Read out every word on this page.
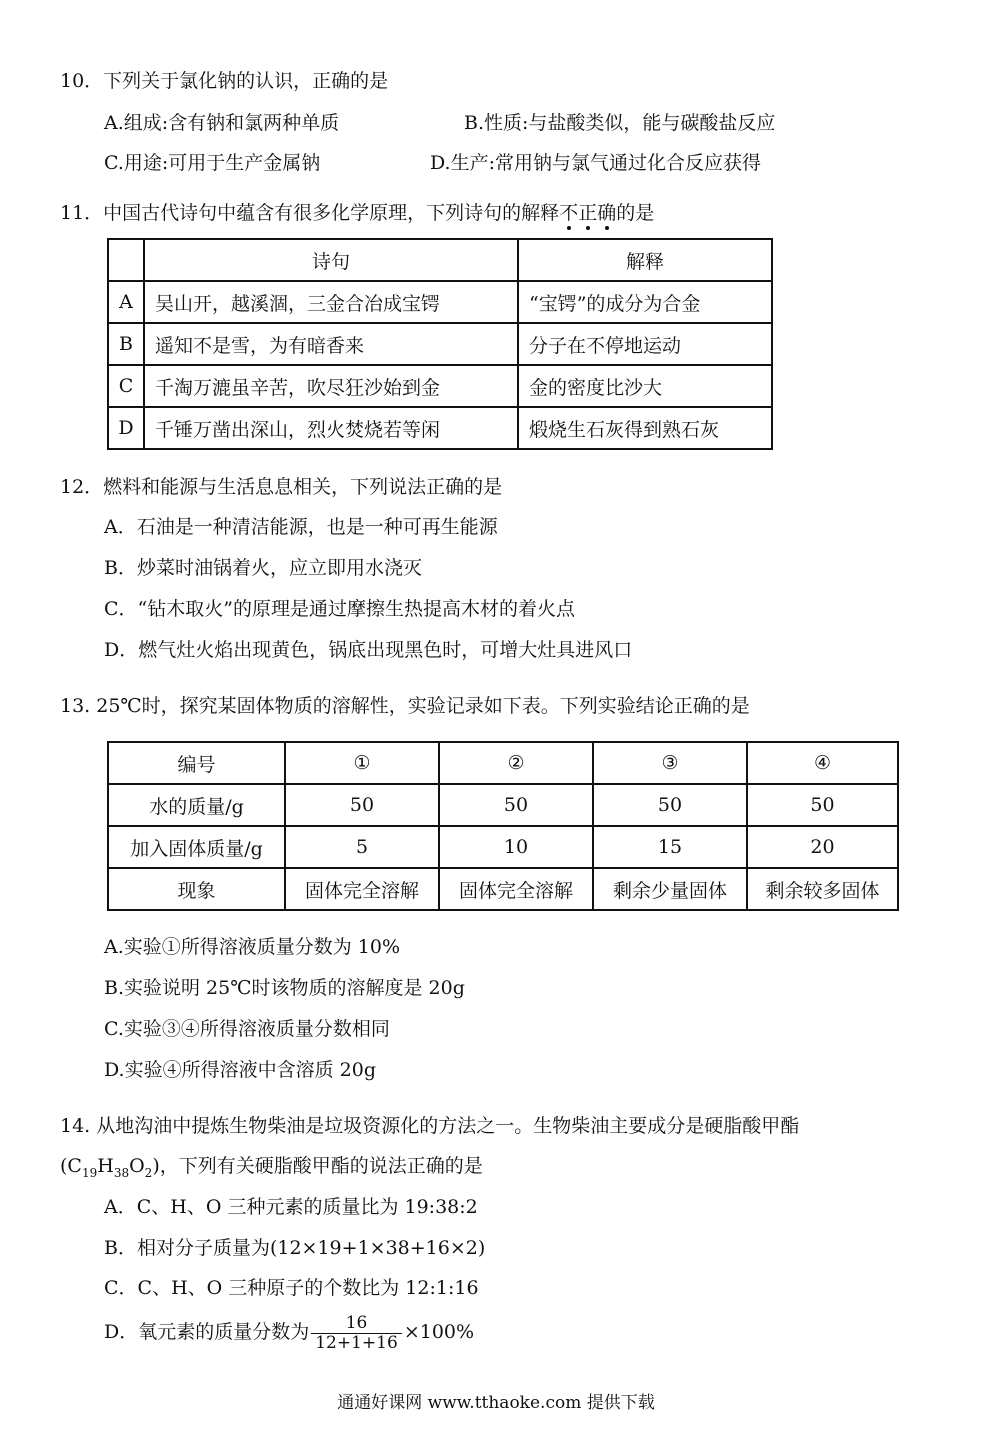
10．下列关于氯化钠的认识，正确的是
A.组成:含有钠和氯两种单质	B.性质:与盐酸类似，能与碳酸盐反应
C.用途:可用于生产金属钠	D.生产:常用钠与氯气通过化合反应获得
11．中国古代诗句中蕴含有很多化学原理，下列诗句的解释不正确的是
	诗句	解释
A	吴山开，越溪涸，三金合冶成宝锷	“宝锷”的成分为合金
B	遥知不是雪，为有暗香来	分子在不停地运动
C	千淘万漉虽辛苦，吹尽狂沙始到金	金的密度比沙大
D	千锤万凿出深山，烈火焚烧若等闲	煅烧生石灰得到熟石灰
12．燃料和能源与生活息息相关，下列说法正确的是
A．石油是一种清洁能源，也是一种可再生能源
B．炒菜时油锅着火，应立即用水浇灭
C．“钻木取火”的原理是通过摩擦生热提高木材的着火点
D．燃气灶火焰出现黄色，锅底出现黑色时，可增大灶具进风口
13. 25℃时，探究某固体物质的溶解性，实验记录如下表。下列实验结论正确的是
编号	①	②	③	④
水的质量/g	50	50	50	50
加入固体质量/g	5	10	15	20
现象	固体完全溶解	固体完全溶解	剩余少量固体	剩余较多固体
A.实验①所得溶液质量分数为 10%
B.实验说明 25℃时该物质的溶解度是 20g
C.实验③④所得溶液质量分数相同
D.实验④所得溶液中含溶质 20g
14. 从地沟油中提炼生物柴油是垃圾资源化的方法之一。生物柴油主要成分是硬脂酸甲酯
$(C_{19}H_{38}O_2)$，下列有关硬脂酸甲酯的说法正确的是
A．C、H、O 三种元素的质量比为 19:38:2
B．相对分子质量为(12×19+1×38+16×2)
C．C、H、O 三种原子的个数比为 12:1:16
D．氧元素的质量分数为 $\frac{16}{12+1+16} \times 100\%$
通通好课网 www.tthaoke.com 提供下载
